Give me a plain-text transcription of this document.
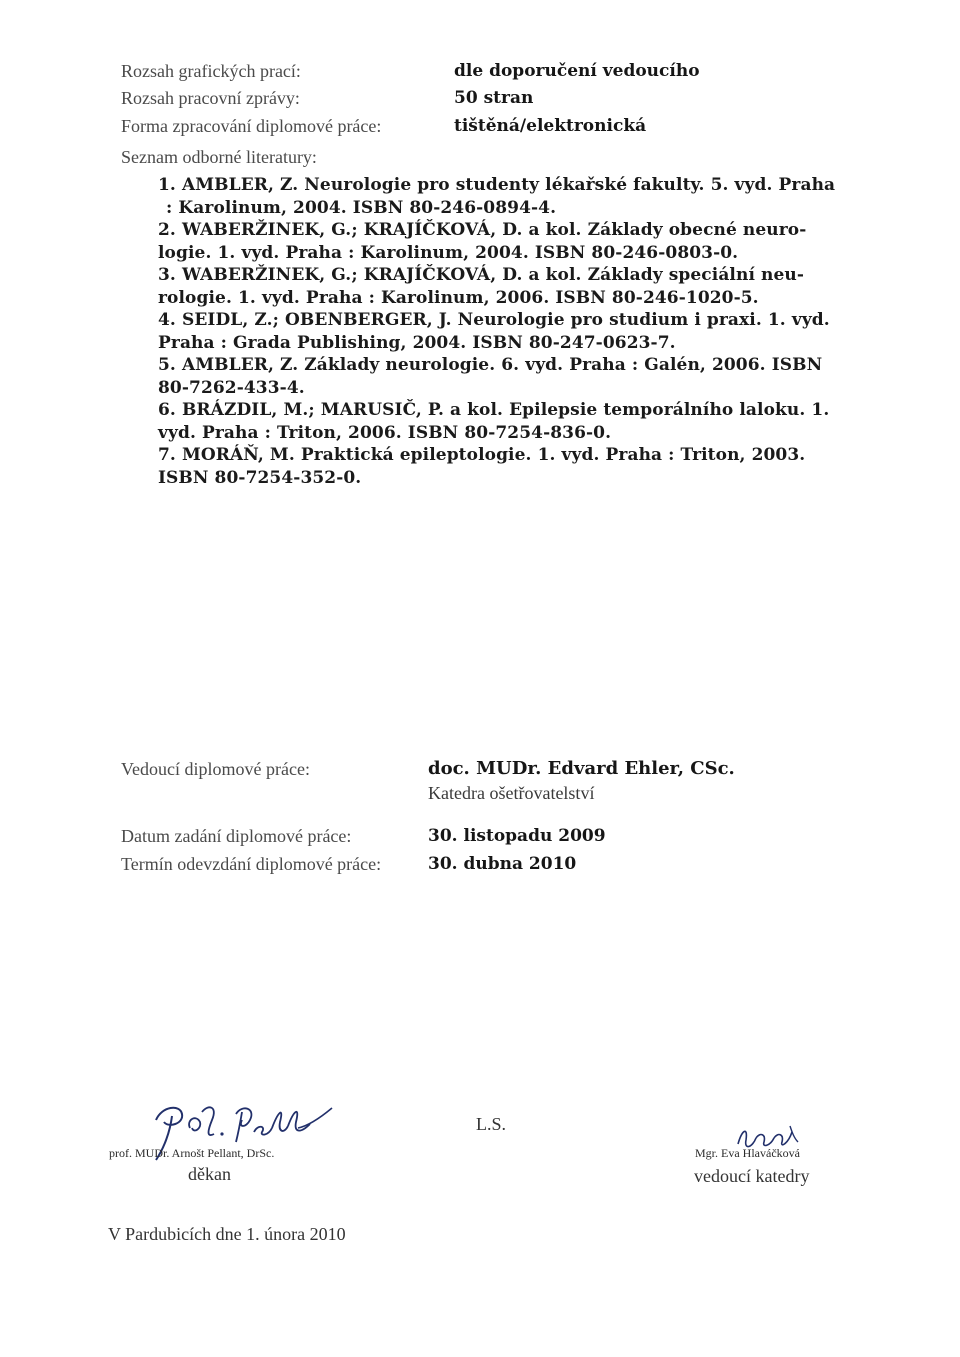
Rozsah grafických prací:	dle doporučení vedoucího
Rozsah pracovní zprávy:	50 stran
Forma zpracování diplomové práce:	tištěná/elektronická
Seznam odborné literatury:
1. AMBLER, Z. Neurologie pro studenty lékařské fakulty. 5. vyd. Praha
: Karolinum, 2004. ISBN 80-246-0894-4.
2. WABERŽINEK, G.; KRAJÍČKOVÁ, D. a kol. Základy obecné neuro-
logie. 1. vyd. Praha : Karolinum, 2004. ISBN 80-246-0803-0.
3. WABERŽINEK, G.; KRAJÍČKOVÁ, D. a kol. Základy speciální neu-
rologie. 1. vyd. Praha : Karolinum, 2006. ISBN 80-246-1020-5.
4. SEIDL, Z.; OBENBERGER, J. Neurologie pro studium i praxi. 1. vyd.
Praha : Grada Publishing, 2004. ISBN 80-247-0623-7.
5. AMBLER, Z. Základy neurologie. 6. vyd. Praha : Galén, 2006. ISBN
80-7262-433-4.
6. BRÁZDIL, M.; MARUSIČ, P. a kol. Epilepsie temporálního laloku. 1.
vyd. Praha : Triton, 2006. ISBN 80-7254-836-0.
7. MORÁŇ, M. Praktická epileptologie. 1. vyd. Praha : Triton, 2003.
ISBN 80-7254-352-0.
Vedoucí diplomové práce:	doc. MUDr. Edvard Ehler, CSc.
Katedra ošetřovatelství
Datum zadání diplomové práce:	30. listopadu 2009
Termín odevzdání diplomové práce:	30. dubna 2010
prof. MUDr. Arnošt Pellant, DrSc.
děkan
L.S.
Mgr. Eva Hlaváčková
vedoucí katedry
V Pardubicích dne 1. února 2010
